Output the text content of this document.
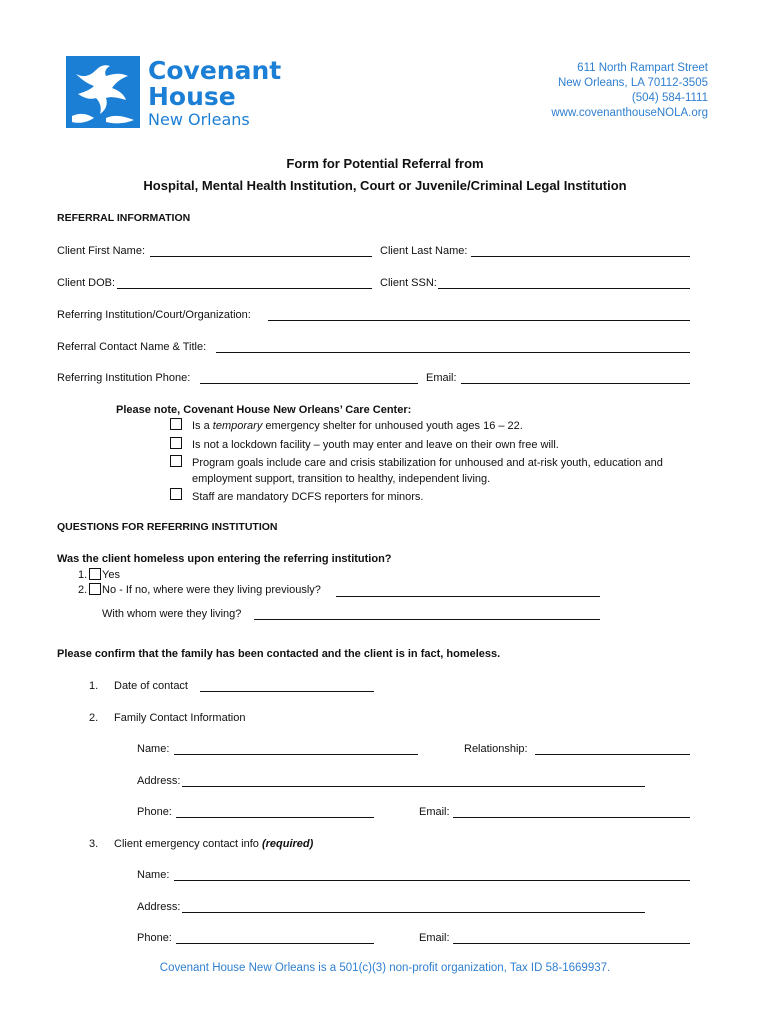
Covenant
House
New Orleans
611 North Rampart Street
New Orleans, LA 70112-3505
(504) 584-1111
www.covenanthouseNOLA.org
Form for Potential Referral from
Hospital, Mental Health Institution, Court or Juvenile/Criminal Legal Institution
REFERRAL INFORMATION
Client First Name:	Client Last Name:
Client DOB:	Client SSN:
Referring Institution/Court/Organization:
Referral Contact Name & Title:
Referring Institution Phone:	Email:
Please note, Covenant House New Orleans’ Care Center:
Is a temporary emergency shelter for unhoused youth ages 16 – 22.
Is not a lockdown facility – youth may enter and leave on their own free will.
Program goals include care and crisis stabilization for unhoused and at-risk youth, education and
employment support, transition to healthy, independent living.
Staff are mandatory DCFS reporters for minors.
QUESTIONS FOR REFERRING INSTITUTION
Was the client homeless upon entering the referring institution?
1. Yes
2. No - If no, where were they living previously?
With whom were they living?
Please confirm that the family has been contacted and the client is in fact, homeless.
1. Date of contact
2. Family Contact Information
Name:	Relationship:
Address:
Phone:	Email:
3. Client emergency contact info (required)
Name:
Address:
Phone:	Email:
Covenant House New Orleans is a 501(c)(3) non-profit organization, Tax ID 58-1669937.
